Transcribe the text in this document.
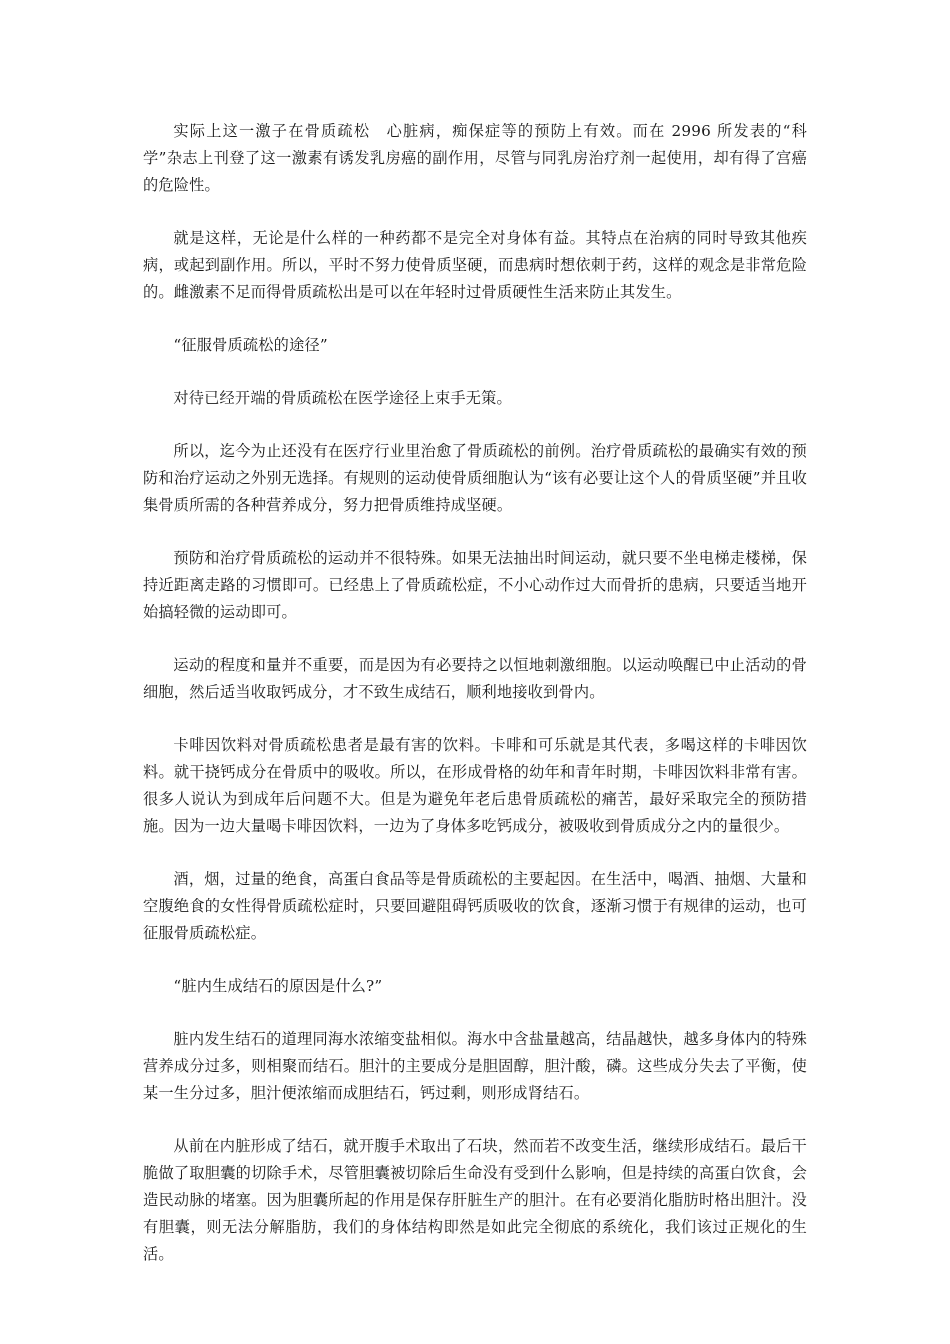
实际上这一激子在骨质疏松　心脏病，痴保症等的预防上有效。而在 2996 所发表的“科学”杂志上刊登了这一激素有诱发乳房癌的副作用，尽管与同乳房治疗剂一起使用，却有得了宫癌的危险性。

就是这样，无论是什么样的一种药都不是完全对身体有益。其特点在治病的同时导致其他疾病，或起到副作用。所以，平时不努力使骨质坚硬，而患病时想依刺于药，这样的观念是非常危险的。雌激素不足而得骨质疏松出是可以在年轻时过骨质硬性生活来防止其发生。

“征服骨质疏松的途径”

对待已经开端的骨质疏松在医学途径上束手无策。

所以，迄今为止还没有在医疗行业里治愈了骨质疏松的前例。治疗骨质疏松的最确实有效的预防和治疗运动之外别无选择。有规则的运动使骨质细胞认为“该有必要让这个人的骨质坚硬”并且收集骨质所需的各种营养成分，努力把骨质维持成坚硬。

预防和治疗骨质疏松的运动并不很特殊。如果无法抽出时间运动，就只要不坐电梯走楼梯，保持近距离走路的习惯即可。已经患上了骨质疏松症，不小心动作过大而骨折的患病，只要适当地开始搞轻微的运动即可。

运动的程度和量并不重要，而是因为有必要持之以恒地刺激细胞。以运动唤醒已中止活动的骨细胞，然后适当收取钙成分，才不致生成结石，顺利地接收到骨内。

卡啡因饮料对骨质疏松患者是最有害的饮料。卡啡和可乐就是其代表，多喝这样的卡啡因饮料。就干挠钙成分在骨质中的吸收。所以，在形成骨格的幼年和青年时期，卡啡因饮料非常有害。很多人说认为到成年后问题不大。但是为避免年老后患骨质疏松的痛苦，最好采取完全的预防措施。因为一边大量喝卡啡因饮料，一边为了身体多吃钙成分，被吸收到骨质成分之内的量很少。

酒，烟，过量的绝食，高蛋白食品等是骨质疏松的主要起因。在生活中，喝酒、抽烟、大量和空腹绝食的女性得骨质疏松症时，只要回避阻碍钙质吸收的饮食，逐渐习惯于有规律的运动，也可征服骨质疏松症。

“脏内生成结石的原因是什么?”

脏内发生结石的道理同海水浓缩变盐相似。海水中含盐量越高，结晶越快，越多身体内的特殊营养成分过多，则相聚而结石。胆汁的主要成分是胆固醇，胆汁酸，磷。这些成分失去了平衡，使某一生分过多，胆汁便浓缩而成胆结石，钙过剩，则形成肾结石。

从前在内脏形成了结石，就开腹手术取出了石块，然而若不改变生活，继续形成结石。最后干脆做了取胆囊的切除手术，尽管胆囊被切除后生命没有受到什么影响，但是持续的高蛋白饮食，会造民动脉的堵塞。因为胆囊所起的作用是保存肝脏生产的胆汁。在有必要消化脂肪时格出胆汁。没有胆囊，则无法分解脂肪，我们的身体结构即然是如此完全彻底的系统化，我们该过正规化的生活。
